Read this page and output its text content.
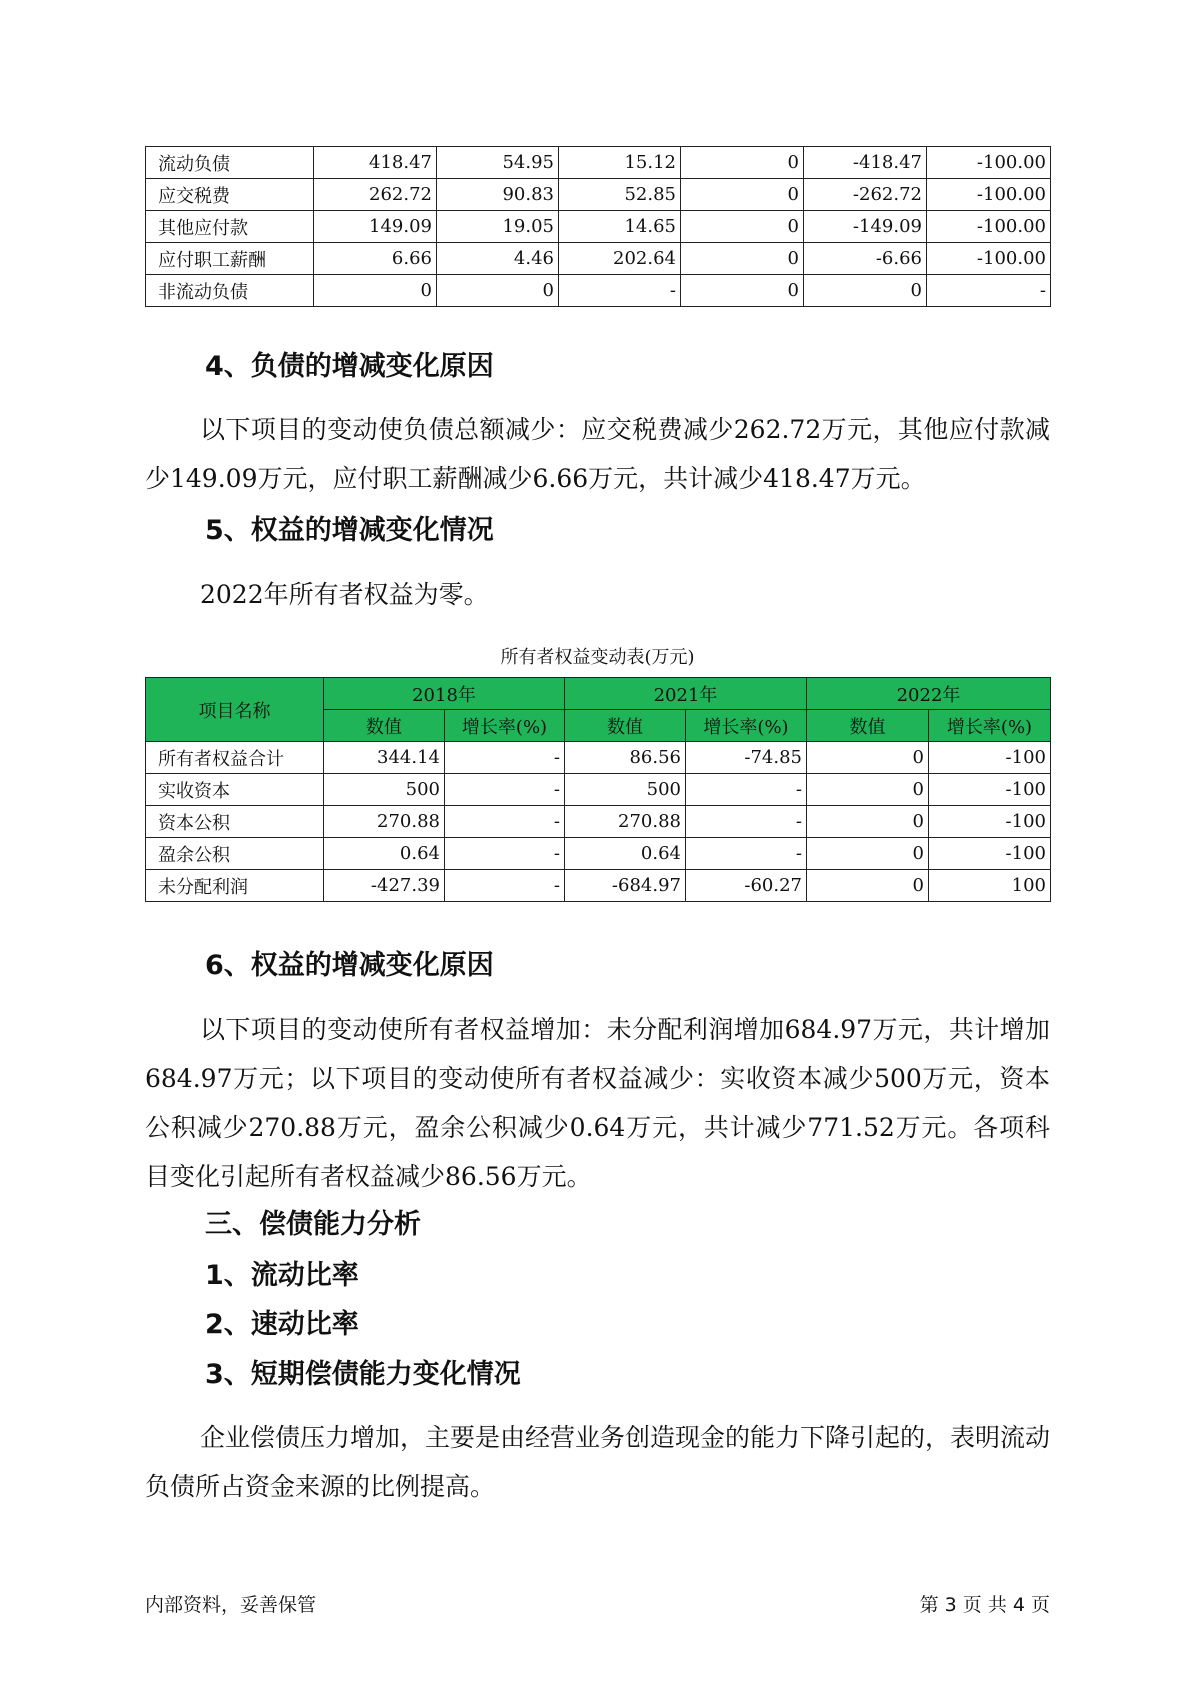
流动负债	418.47	54.95	15.12	0	-418.47	-100.00
应交税费	262.72	90.83	52.85	0	-262.72	-100.00
其他应付款	149.09	19.05	14.65	0	-149.09	-100.00
应付职工薪酬	6.66	4.46	202.64	0	-6.66	-100.00
非流动负债	0	0	-	0	0	-
4、负债的增减变化原因

以下项目的变动使负债总额减少：应交税费减少262.72万元，其他应付款减少149.09万元，应付职工薪酬减少6.66万元，共计减少418.47万元。

5、权益的增减变化情况

2022年所有者权益为零。

所有者权益变动表(万元)
项目名称	2018年		2021年		2022年	
	数值	增长率(%)	数值	增长率(%)	数值	增长率(%)
所有者权益合计	344.14	-	86.56	-74.85	0	-100
实收资本	500	-	500	-	0	-100
资本公积	270.88	-	270.88	-	0	-100
盈余公积	0.64	-	0.64	-	0	-100
未分配利润	-427.39	-	-684.97	-60.27	0	100
6、权益的增减变化原因

以下项目的变动使所有者权益增加：未分配利润增加684.97万元，共计增加684.97万元；以下项目的变动使所有者权益减少：实收资本减少500万元，资本公积减少270.88万元，盈余公积减少0.64万元，共计减少771.52万元。各项科目变化引起所有者权益减少86.56万元。

三、偿债能力分析
1、流动比率
2、速动比率
3、短期偿债能力变化情况

企业偿债压力增加，主要是由经营业务创造现金的能力下降引起的，表明流动负债所占资金来源的比例提高。

内部资料，妥善保管	第 3 页 共 4 页
